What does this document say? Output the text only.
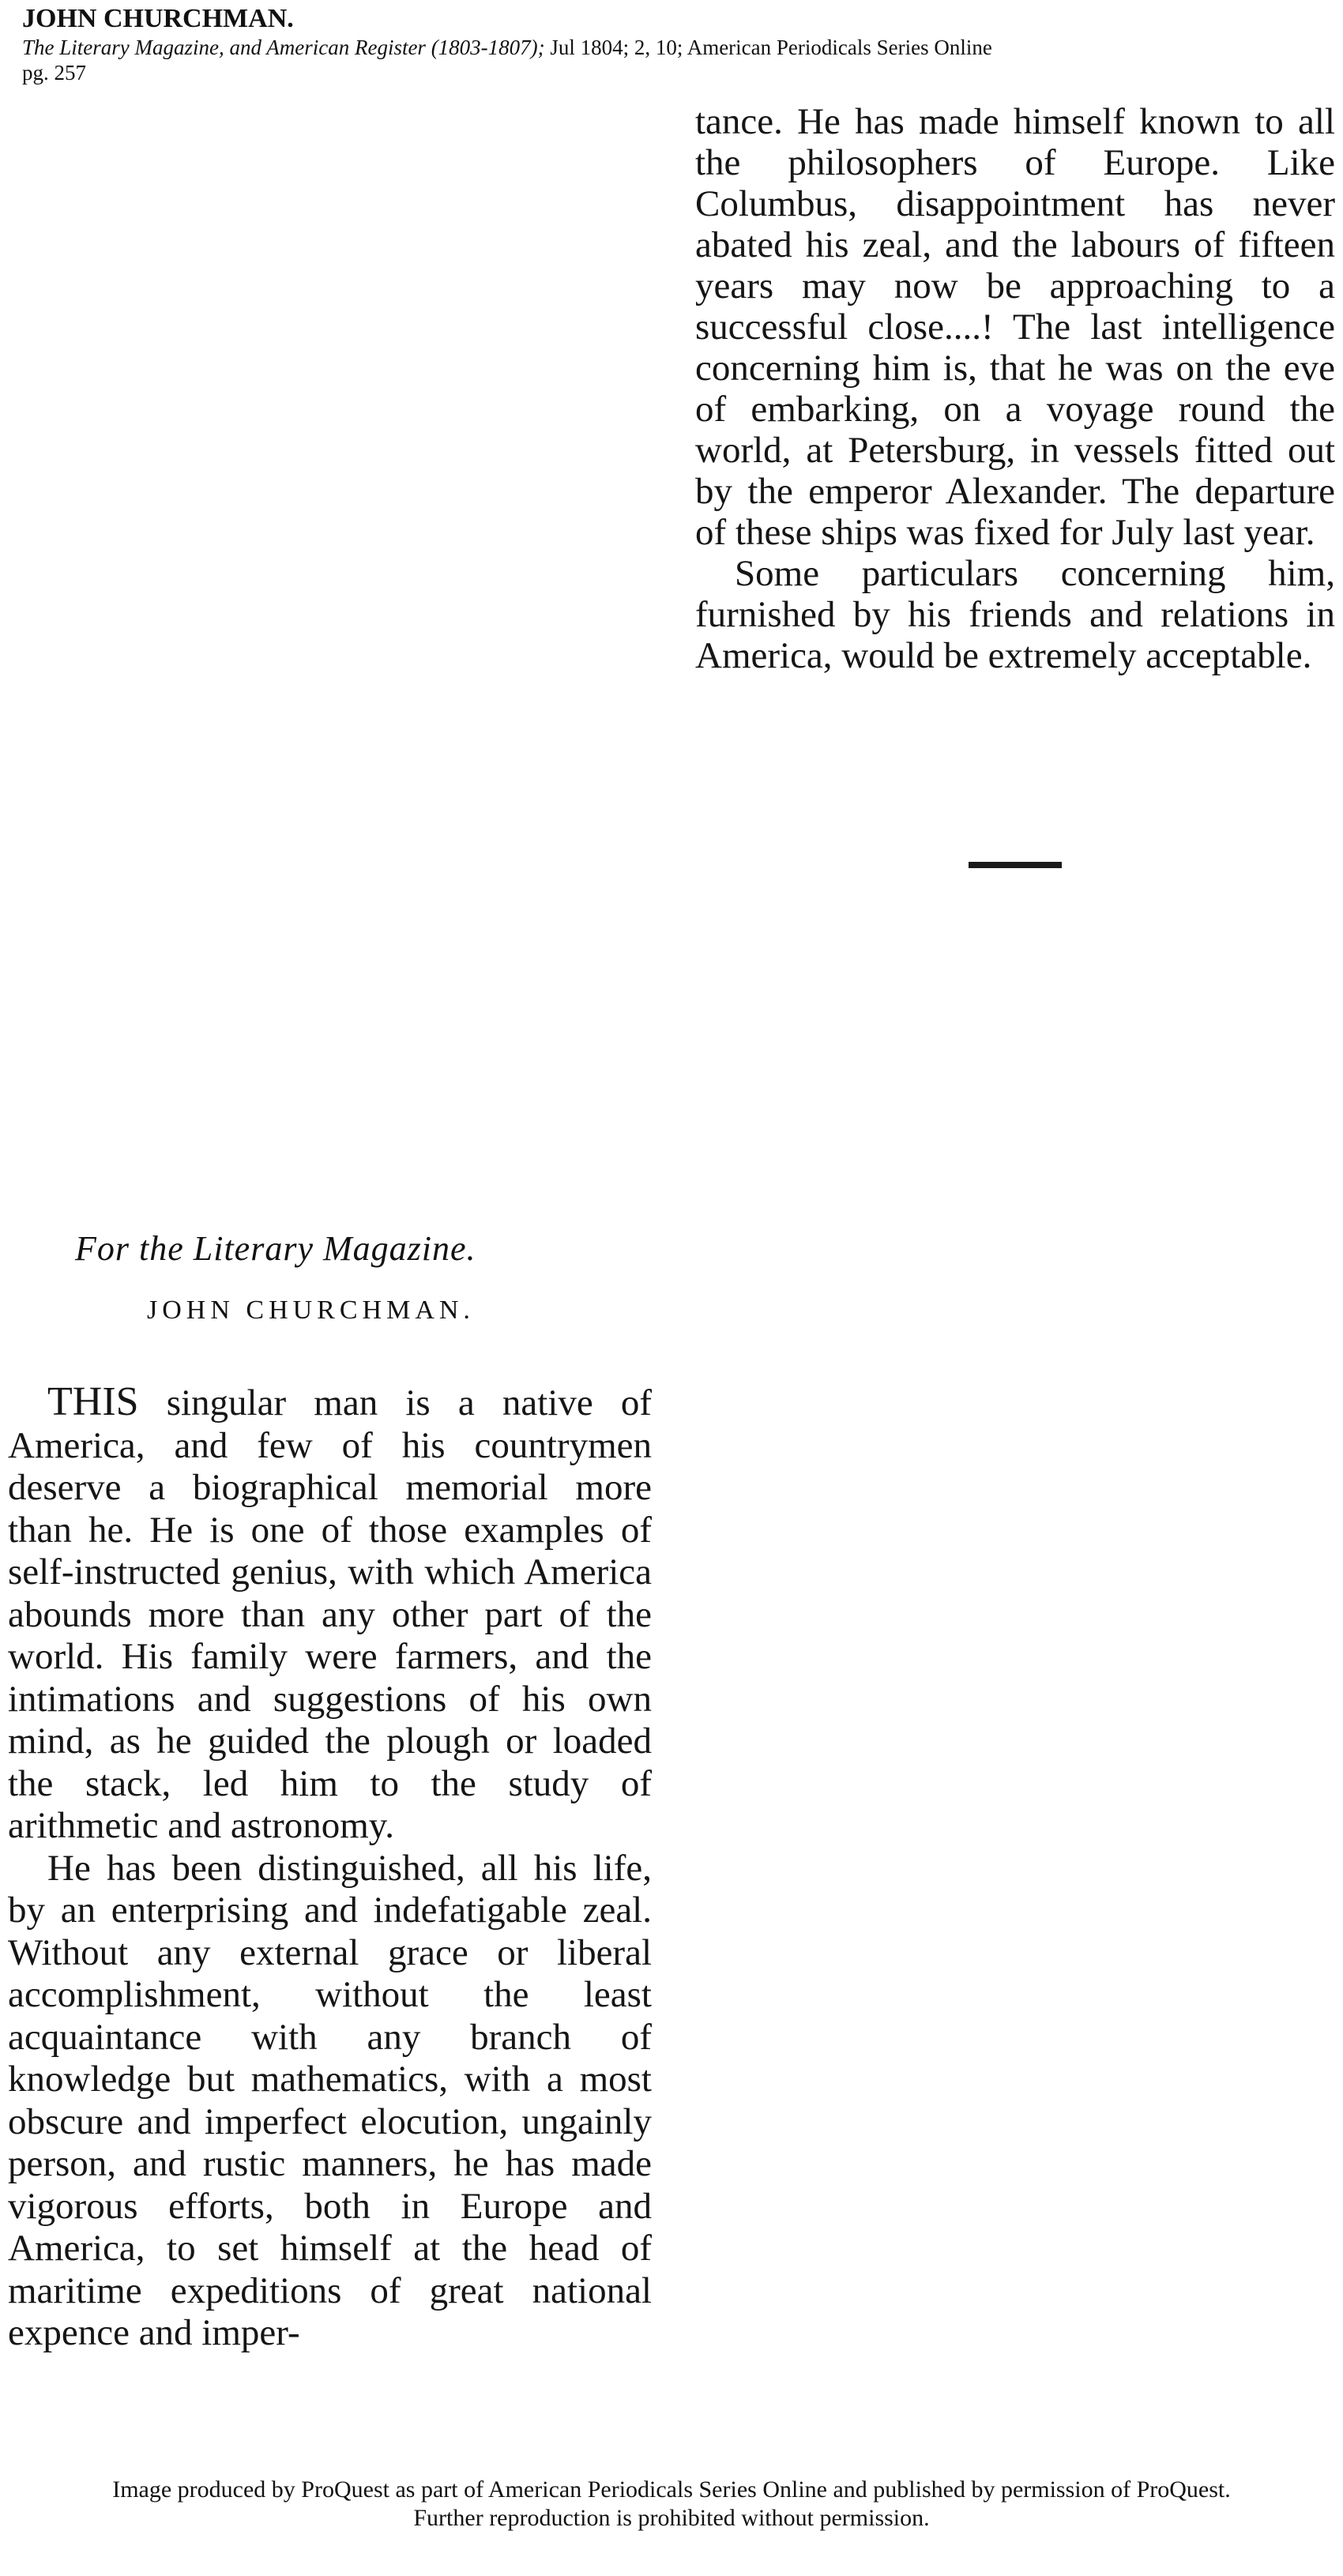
JOHN CHURCHMAN.
The Literary Magazine, and American Register (1803-1807); Jul 1804; 2, 10; American Periodicals Series Online
pg. 257

tance. He has made himself known to all the philosophers of Europe. Like Columbus, disappointment has never abated his zeal, and the labours of fifteen years may now be approaching to a successful close....! The last intelligence concerning him is, that he was on the eve of embarking, on a voyage round the world, at Petersburg, in vessels fitted out by the emperor Alexander. The departure of these ships was fixed for July last year.

Some particulars concerning him, furnished by his friends and relations in America, would be extremely acceptable.

For the Literary Magazine.
JOHN CHURCHMAN.

THIS singular man is a native of America, and few of his countrymen deserve a biographical memorial more than he. He is one of those examples of self-instructed genius, with which America abounds more than any other part of the world. His family were farmers, and the intimations and suggestions of his own mind, as he guided the plough or loaded the stack, led him to the study of arithmetic and astronomy.

He has been distinguished, all his life, by an enterprising and indefatigable zeal. Without any external grace or liberal accomplishment, without the least acquaintance with any branch of knowledge but mathematics, with a most obscure and imperfect elocution, ungainly person, and rustic manners, he has made vigorous efforts, both in Europe and America, to set himself at the head of maritime expeditions of great national expence and imper-

Image produced by ProQuest as part of American Periodicals Series Online and published by permission of ProQuest.
Further reproduction is prohibited without permission.
